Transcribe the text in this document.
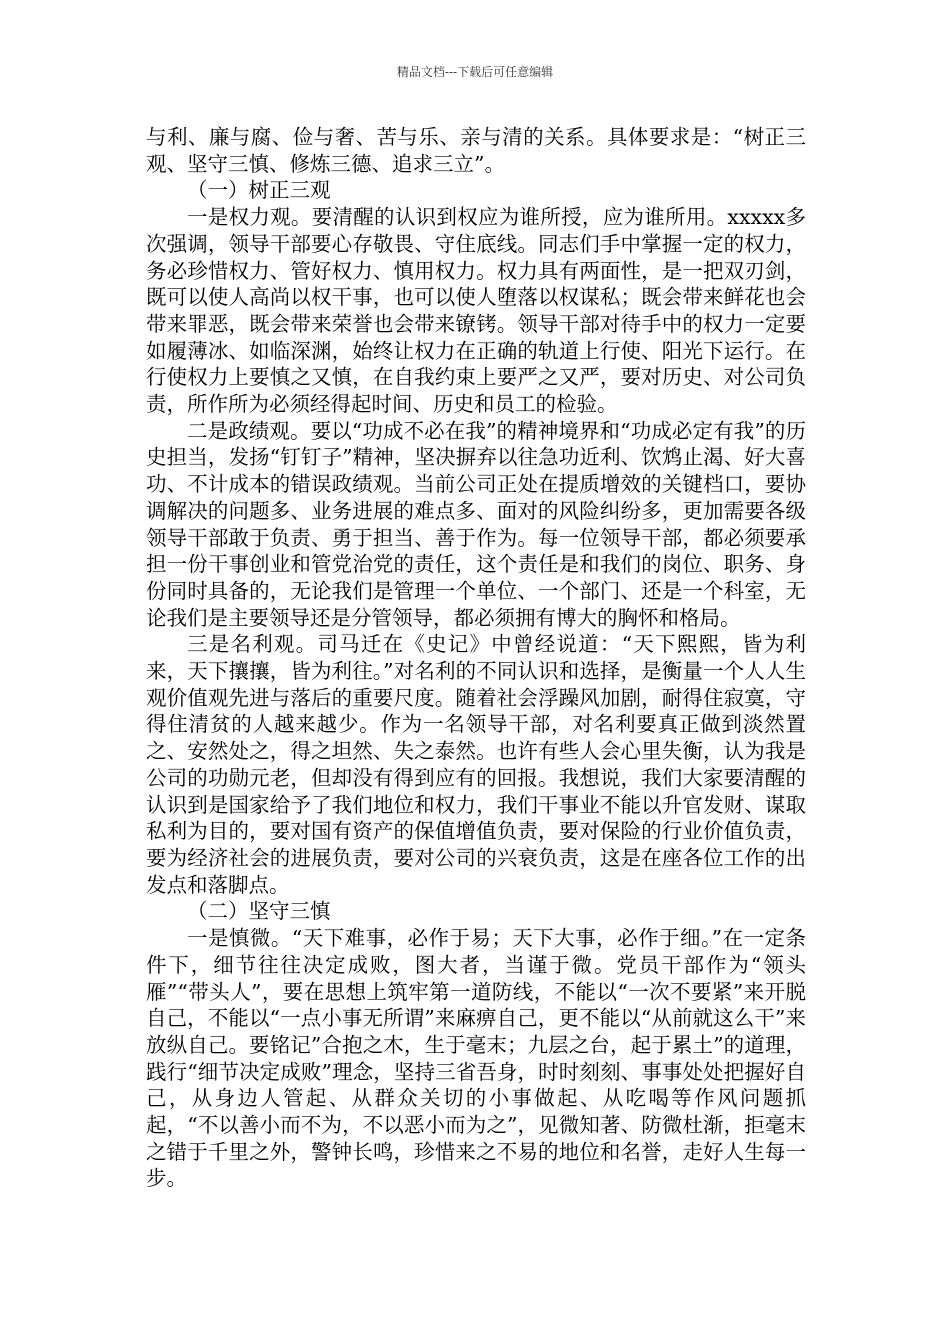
精品文档---下载后可任意编辑

与利、廉与腐、俭与奢、苦与乐、亲与清的关系。具体要求是：“树正三观、坚守三慎、修炼三德、追求三立”。

（一）树正三观

一是权力观。要清醒的认识到权应为谁所授，应为谁所用。xxxxx多次强调，领导干部要心存敬畏、守住底线。同志们手中掌握一定的权力，务必珍惜权力、管好权力、慎用权力。权力具有两面性，是一把双刃剑，既可以使人高尚以权干事，也可以使人堕落以权谋私；既会带来鲜花也会带来罪恶，既会带来荣誉也会带来镣铐。领导干部对待手中的权力一定要如履薄冰、如临深渊，始终让权力在正确的轨道上行使、阳光下运行。在行使权力上要慎之又慎，在自我约束上要严之又严，要对历史、对公司负责，所作所为必须经得起时间、历史和员工的检验。

二是政绩观。要以“功成不必在我”的精神境界和“功成必定有我”的历史担当，发扬“钉钉子”精神，坚决摒弃以往急功近利、饮鸩止渴、好大喜功、不计成本的错误政绩观。当前公司正处在提质增效的关键档口，要协调解决的问题多、业务进展的难点多、面对的风险纠纷多，更加需要各级领导干部敢于负责、勇于担当、善于作为。每一位领导干部，都必须要承担一份干事创业和管党治党的责任，这个责任是和我们的岗位、职务、身份同时具备的，无论我们是管理一个单位、一个部门、还是一个科室，无论我们是主要领导还是分管领导，都必须拥有博大的胸怀和格局。

三是名利观。司马迁在《史记》中曾经说道：“天下熙熙，皆为利来，天下攘攘，皆为利往。”对名利的不同认识和选择，是衡量一个人人生观价值观先进与落后的重要尺度。随着社会浮躁风加剧，耐得住寂寞，守得住清贫的人越来越少。作为一名领导干部，对名利要真正做到淡然置之、安然处之，得之坦然、失之泰然。也许有些人会心里失衡，认为我是公司的功勋元老，但却没有得到应有的回报。我想说，我们大家要清醒的认识到是国家给予了我们地位和权力，我们干事业不能以升官发财、谋取私利为目的，要对国有资产的保值增值负责，要对保险的行业价值负责，要为经济社会的进展负责，要对公司的兴衰负责，这是在座各位工作的出发点和落脚点。

（二）坚守三慎

一是慎微。“天下难事，必作于易；天下大事，必作于细。”在一定条件下，细节往往决定成败，图大者，当谨于微。党员干部作为“领头雁”“带头人”，要在思想上筑牢第一道防线，不能以“一次不要紧”来开脱自己，不能以“一点小事无所谓”来麻痹自己，更不能以“从前就这么干”来放纵自己。要铭记”合抱之木，生于毫末；九层之台，起于累土”的道理，践行“细节决定成败”理念，坚持三省吾身，时时刻刻、事事处处把握好自己，从身边人管起、从群众关切的小事做起、从吃喝等作风问题抓起，“不以善小而不为，不以恶小而为之”，见微知著、防微杜渐，拒毫末之错于千里之外，警钟长鸣，珍惜来之不易的地位和名誉，走好人生每一步。
